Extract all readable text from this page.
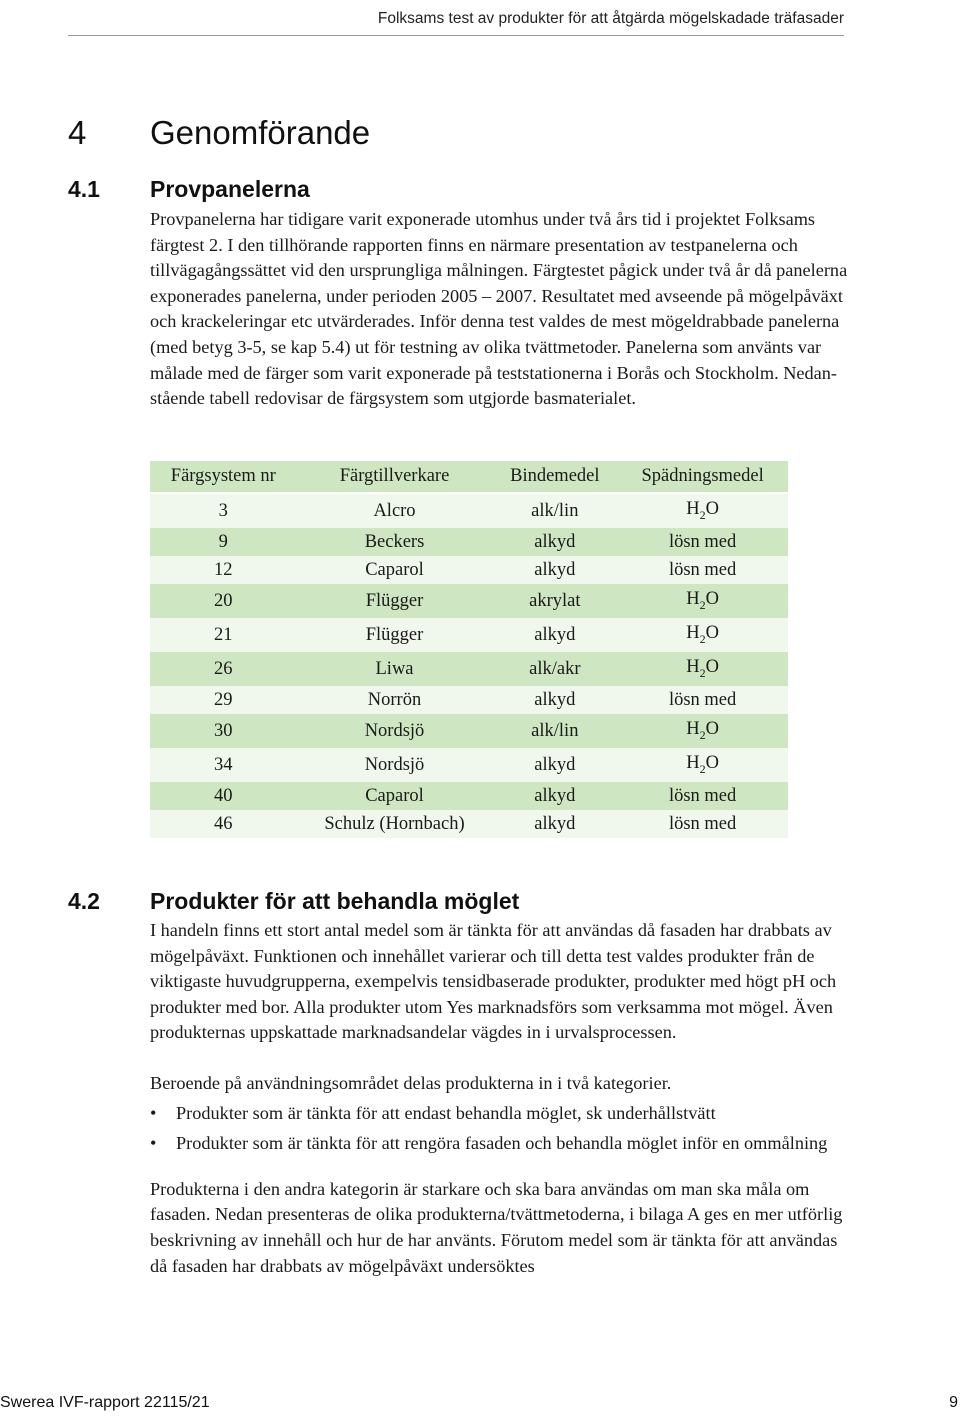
Folksams test av produkter för att åtgärda mögelskadade träfasader
4 Genomförande
4.1 Provpanelerna

Provpanelerna har tidigare varit exponerade utomhus under två års tid i projektet Folksams färgtest 2. I den tillhörande rapporten finns en närmare presentation av testpanelerna och tillvägagångssättet vid den ursprungliga målningen. Färgtestet pågick under två år då panelerna exponerades panelerna, under perioden 2005 – 2007. Resultatet med avseende på mögelpåväxt och krackeleringar etc utvärderades. Inför denna test valdes de mest mögeldrabbade panelerna (med betyg 3-5, se kap 5.4) ut för testning av olika tvättmetoder. Panelerna som använts var målade med de färger som varit exponerade på teststationerna i Borås och Stockholm. Nedan-stående tabell redovisar de färgsystem som utgjorde basmaterialet.

Färgsystem nr	Färgtillverkare	Bindemedel	Spädningsmedel
3	Alcro	alk/lin	$H_2O$
9	Beckers	alkyd	lösn med
12	Caparol	alkyd	lösn med
20	Flügger	akrylat	$H_2O$
21	Flügger	alkyd	$H_2O$
26	Liwa	alk/akr	$H_2O$
29	Norrön	alkyd	lösn med
30	Nordsjö	alk/lin	$H_2O$
34	Nordsjö	alkyd	$H_2O$
40	Caparol	alkyd	lösn med
46	Schulz (Hornbach)	alkyd	lösn med
4.2 Produkter för att behandla möglet

I handeln finns ett stort antal medel som är tänkta för att användas då fasaden har drabbats av mögelpåväxt. Funktionen och innehållet varierar och till detta test valdes produkter från de viktigaste huvudgrupperna, exempelvis tensidbaserade produkter, produkter med högt pH och produkter med bor. Alla produkter utom Yes marknadsförs som verksamma mot mögel. Även produkternas uppskattade marknadsandelar vägdes in i urvalsprocessen.

Beroende på användningsområdet delas produkterna in i två kategorier.

• Produkter som är tänkta för att endast behandla möglet, sk underhållstvätt
• Produkter som är tänkta för att rengöra fasaden och behandla möglet inför en ommålning

Produkterna i den andra kategorin är starkare och ska bara användas om man ska måla om fasaden. Nedan presenteras de olika produkterna/tvättmetoderna, i bilaga A ges en mer utförlig beskrivning av innehåll och hur de har använts. Förutom medel som är tänkta för att användas då fasaden har drabbats av mögelpåväxt undersöktes

Swerea IVF-rapport 22115/21	9
